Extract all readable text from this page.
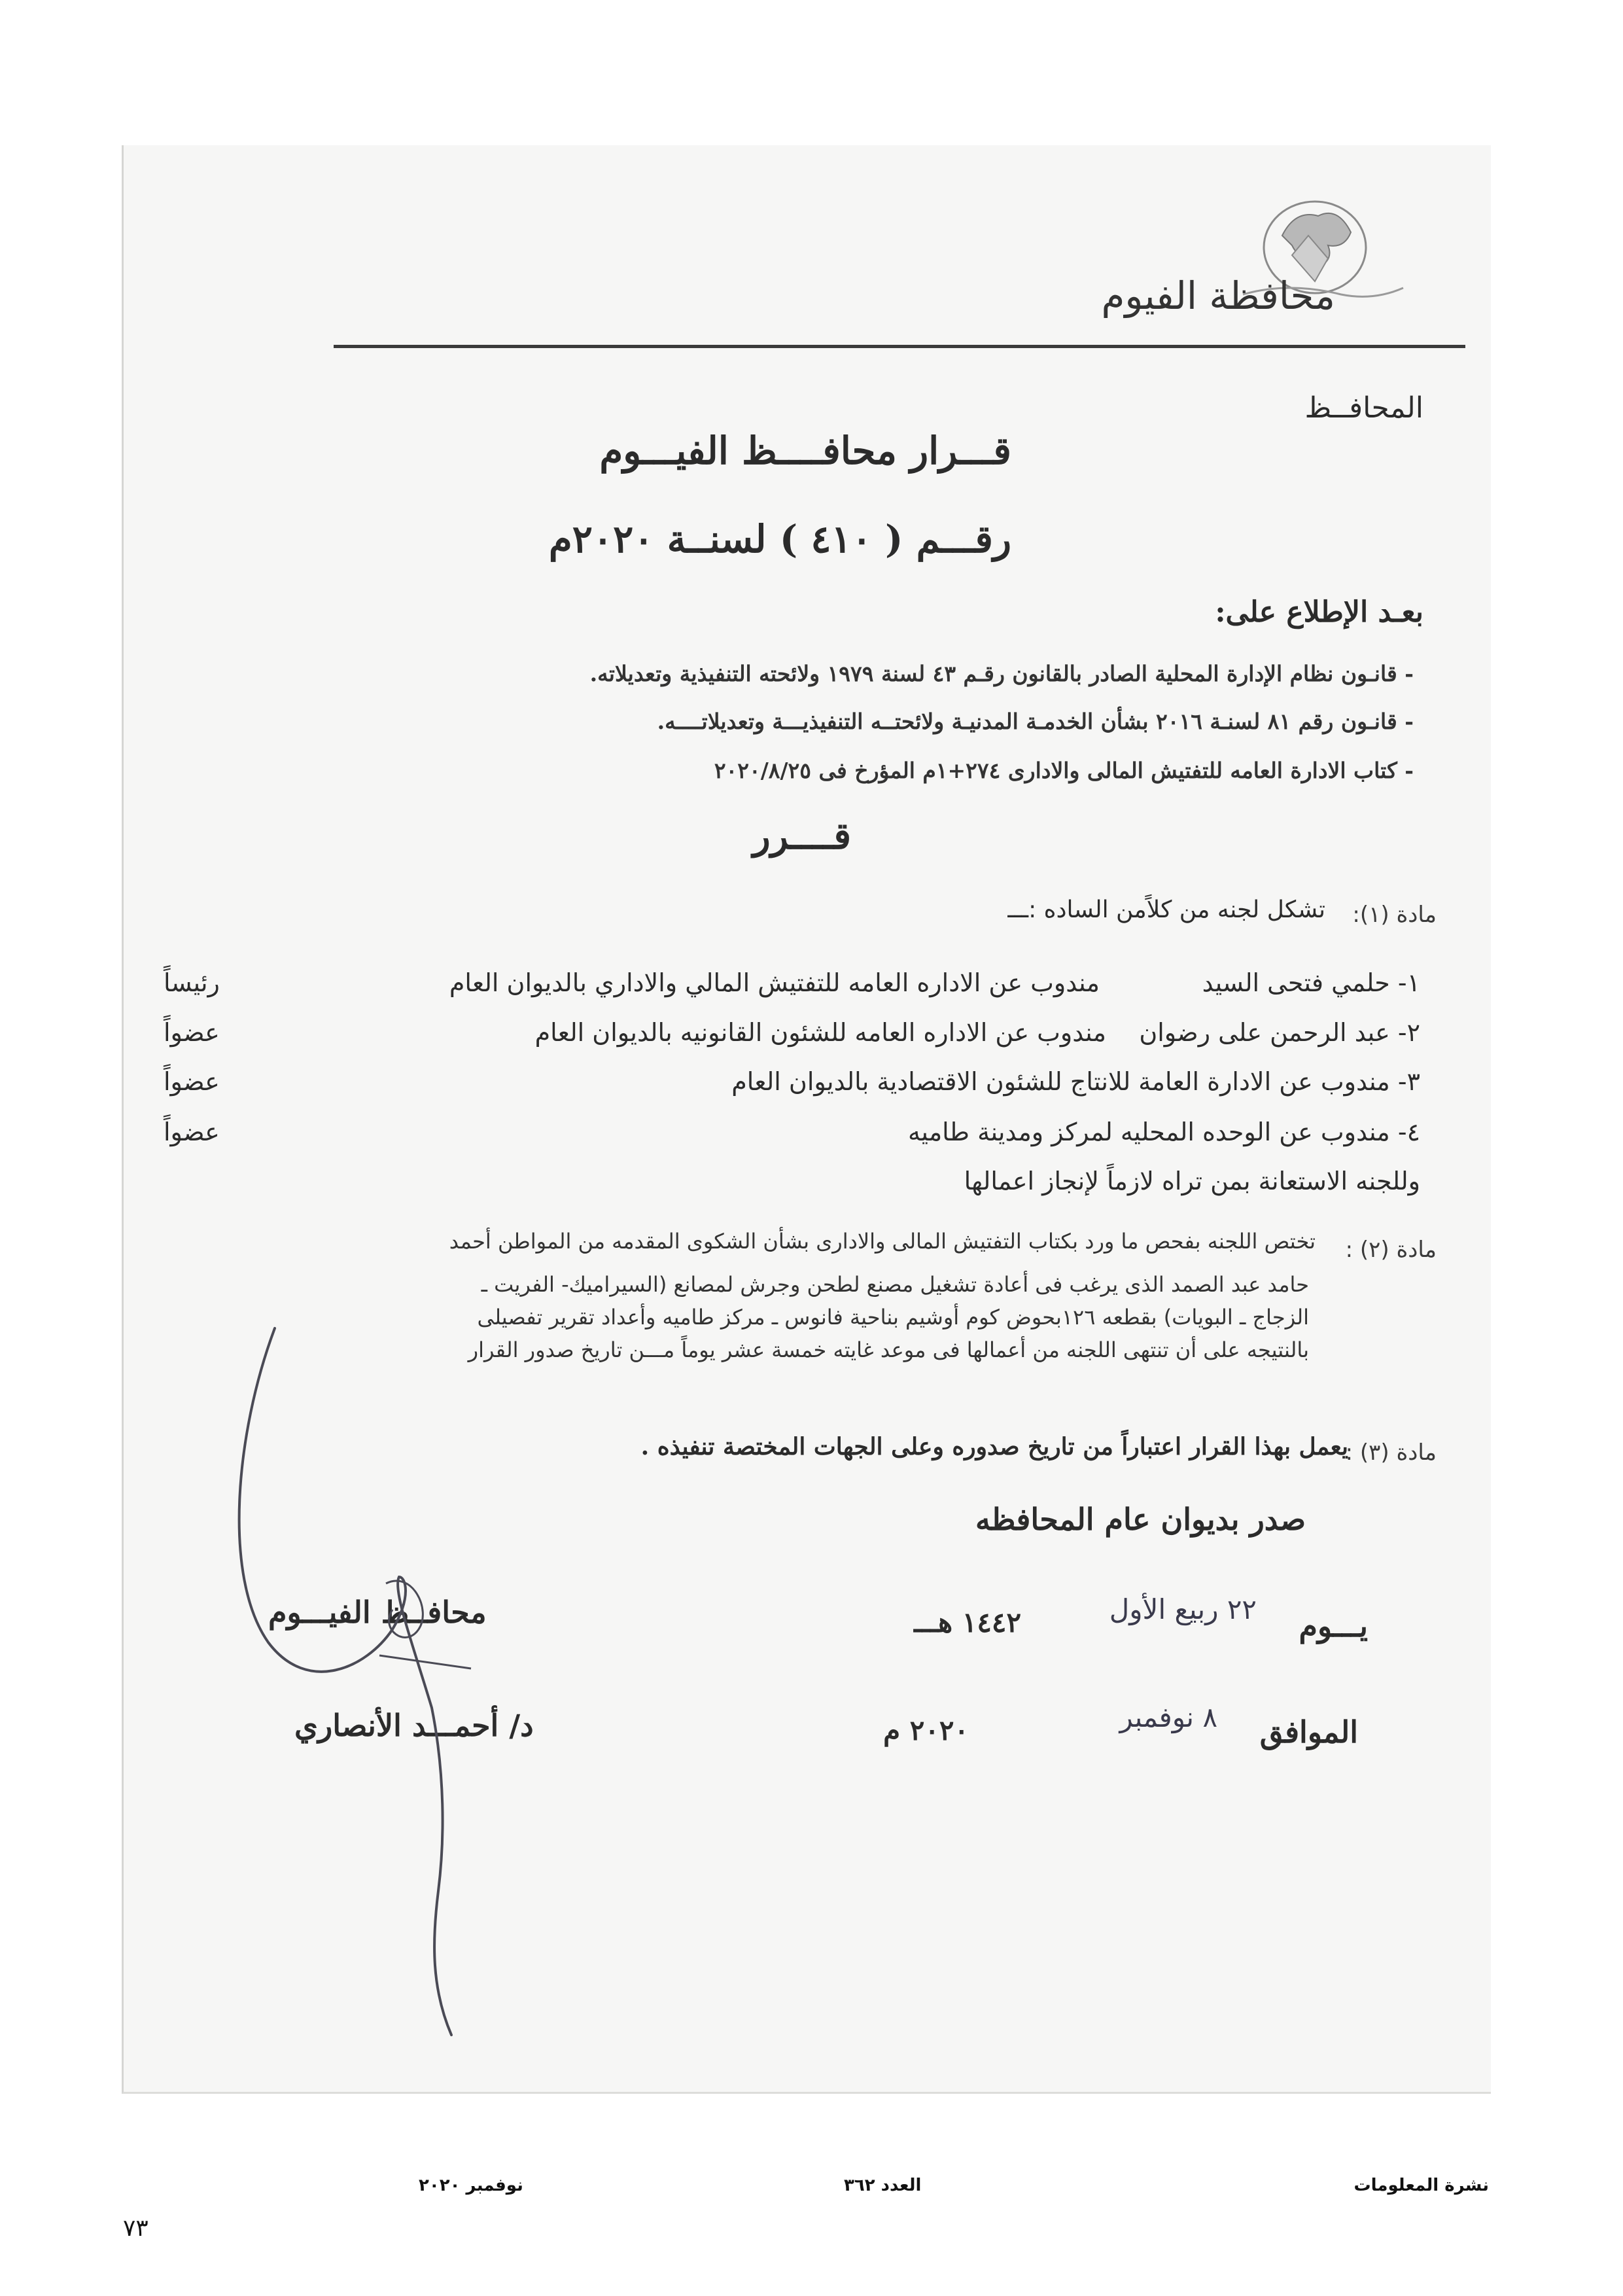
محافظة الفيوم
المحافــظ
قـــرار محافــــظ الفيـــوم
رقـــم ( ٤١٠ ) لسنــة ٢٠٢٠م
بعـد الإطلاع على:
- قانـون نظام الإدارة المحلية الصادر بالقانون رقـم ٤٣ لسنة ١٩٧٩ ولائحته التنفيذية وتعديلاته.
- قانـون رقم ٨١ لسنـة ٢٠١٦ بشأن الخدمـة المدنيـة ولائحتــه التنفيذيـــة وتعديلاتــــه.
- كتاب الادارة العامه للتفتيش المالى والادارى ٢٧٤+١م المؤرخ فى ٢٠٢٠/٨/٢٥
قــــرر
مادة (١):
تشكل لجنه من كلاًمن الساده :ـــ
١- حلمي فتحى السيد
مندوب عن الاداره العامه للتفتيش المالي والاداري بالديوان العام
رئيساً
٢- عبد الرحمن على رضوان
مندوب عن الاداره العامه للشئون القانونيه بالديوان العام
عضواً
٣- مندوب عن الادارة العامة للانتاج للشئون الاقتصادية بالديوان العام
عضواً
٤- مندوب عن الوحده المحليه لمركز ومدينة طاميه
عضواً
وللجنه الاستعانة بمن تراه لازماً لإنجاز اعمالها
مادة (٢) :
تختص اللجنه بفحص ما ورد بكتاب التفتيش المالى والادارى بشأن الشكوى المقدمه من المواطن أحمد
حامد عبد الصمد الذى يرغب فى أعادة تشغيل مصنع لطحن وجرش لمصانع (السيراميك- الفريت ـ
الزجاج ـ البويات) بقطعه ١٢٦بحوض كوم أوشيم بناحية فانوس ـ مركز طاميه وأعداد تقرير تفصيلى
بالنتيجه على أن تنتهى اللجنه من أعمالها فى موعد غايته خمسة عشر يوماً مـــن تاريخ صدور القرار
مادة (٣) :
يعمل بهذا القرار اعتباراً من تاريخ صدوره وعلى الجهات المختصة تنفيذه .
صدر بديوان عام المحافظه
يـــوم
٢٢ ربيع الأول
١٤٤٢ هـــ
الموافق
٨ نوفمبر
٢٠٢٠ م
محافــظ الفيـــوم
د/ أحمـــد الأنصاري
نشرة المعلومات
العدد ٣٦٢
نوفمبر ٢٠٢٠
٧٣
